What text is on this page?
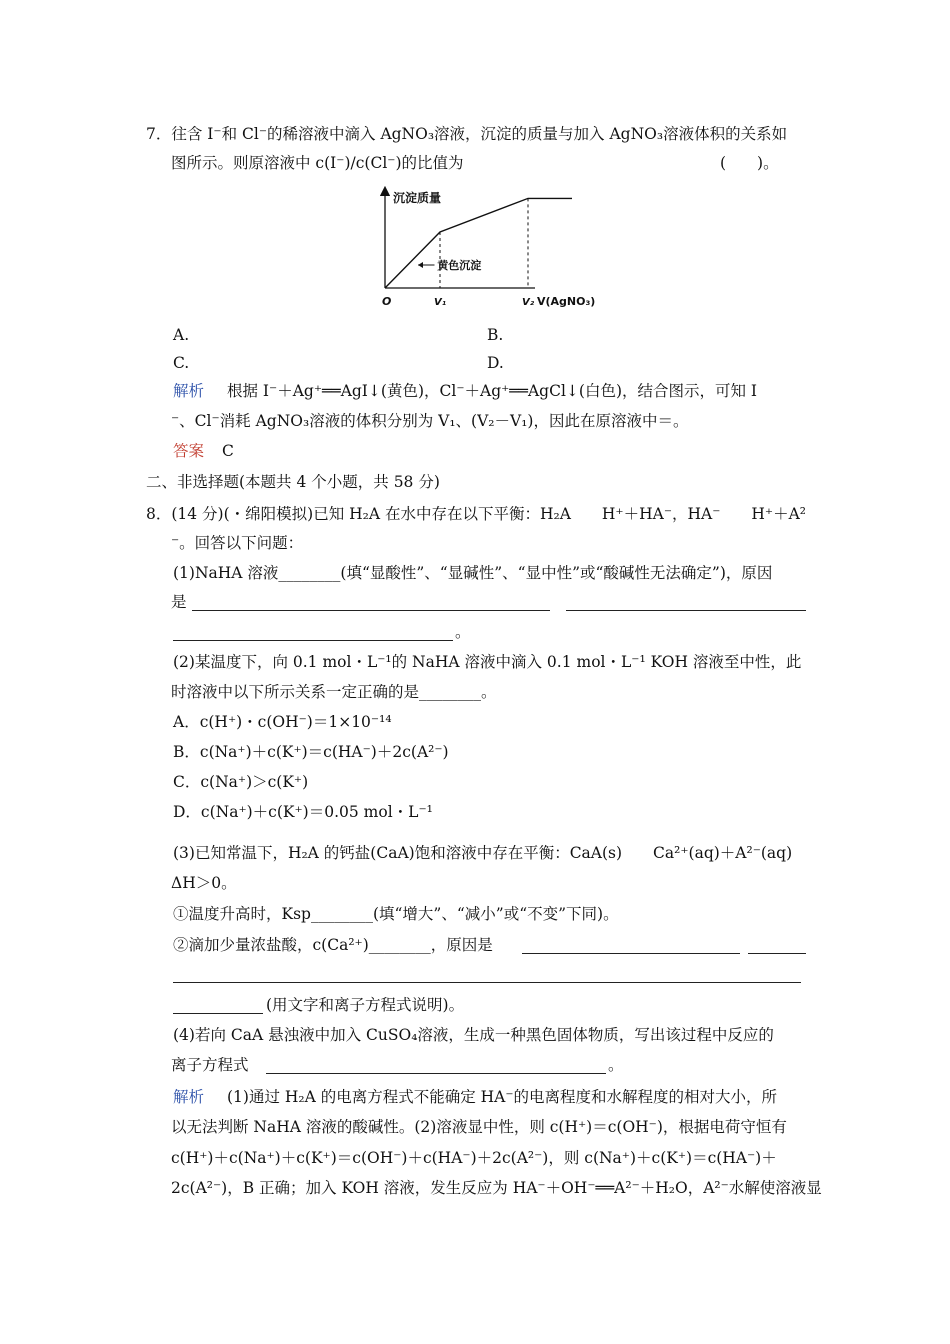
7．往含 I⁻和 Cl⁻的稀溶液中滴入 AgNO₃溶液，沉淀的质量与加入 AgNO₃溶液体积的关系如
图所示。则原溶液中 c(I⁻)/c(Cl⁻)的比值为	(　　)。
沉淀质量
O	V(AgNO₃)
V₁	V₂
黄色沉淀
A.	B.
C.	D.
解析 根据 I⁻＋Ag⁺══AgI↓(黄色)，Cl⁻＋Ag⁺══AgCl↓(白色)，结合图示，可知 I
⁻、Cl⁻消耗 AgNO₃溶液的体积分别为 V₁、(V₂－V₁)，因此在原溶液中＝。
答案 C
二、非选择题(本题共 4 个小题，共 58 分)
8．(14 分)(・绵阳模拟)已知 H₂A 在水中存在以下平衡：H₂A　　H⁺＋HA⁻，HA⁻　　H⁺＋A²
⁻。回答以下问题：
(1)NaHA 溶液________(填“显酸性”、“显碱性”、“显中性”或“酸碱性无法确定”)，原因
是
。
(2)某温度下，向 0.1 mol・L⁻¹的 NaHA 溶液中滴入 0.1 mol・L⁻¹ KOH 溶液至中性，此
时溶液中以下所示关系一定正确的是________。
A．c(H⁺)・c(OH⁻)＝1×10⁻¹⁴
B．c(Na⁺)＋c(K⁺)＝c(HA⁻)＋2c(A²⁻)
C．c(Na⁺)＞c(K⁺)
D．c(Na⁺)＋c(K⁺)＝0.05 mol・L⁻¹
(3)已知常温下，H₂A 的钙盐(CaA)饱和溶液中存在平衡：CaA(s)　　Ca²⁺(aq)＋A²⁻(aq)
ΔH＞0。
①温度升高时，Ksp________(填“增大”、“减小”或“不变”下同)。
②滴加少量浓盐酸，c(Ca²⁺)________，原因是
(用文字和离子方程式说明)。
(4)若向 CaA 悬浊液中加入 CuSO₄溶液，生成一种黑色固体物质，写出该过程中反应的
离子方程式	。
解析 (1)通过 H₂A 的电离方程式不能确定 HA⁻的电离程度和水解程度的相对大小，所
以无法判断 NaHA 溶液的酸碱性。(2)溶液显中性，则 c(H⁺)＝c(OH⁻)，根据电荷守恒有
c(H⁺)＋c(Na⁺)＋c(K⁺)＝c(OH⁻)＋c(HA⁻)＋2c(A²⁻)，则 c(Na⁺)＋c(K⁺)＝c(HA⁻)＋
2c(A²⁻)，B 正确；加入 KOH 溶液，发生反应为 HA⁻＋OH⁻══A²⁻＋H₂O，A²⁻水解使溶液显
